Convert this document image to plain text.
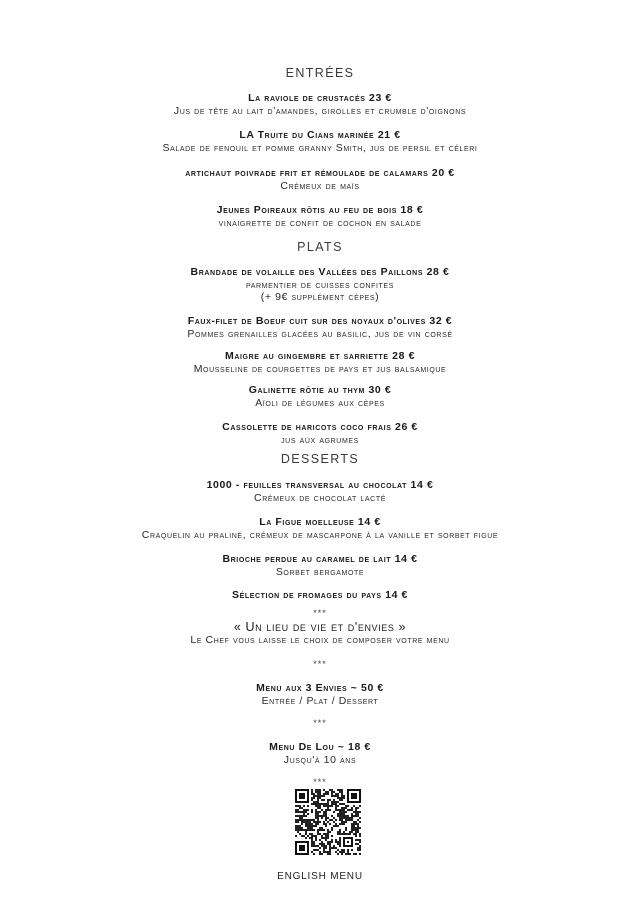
ENTRÉES
La raviole de crustacés 23 €
Jus de tête au lait d'amandes, girolles et crumble d'oignons
LA Truite du Cians marinée 21 €
Salade de fenouil et pomme granny Smith, jus de persil et céleri
artichaut poivrade frit et rémoulade de calamars 20 €
Crémeux de maïs
Jeunes Poireaux rôtis au feu de bois 18 €
vinaigrette de confit de cochon en salade
PLATS
Brandade de volaille des Vallées des Paillons 28 €
parmentier de cuisses confites
(+ 9€ supplément cèpes)
Faux-filet de Boeuf cuit sur des noyaux d'olives 32 €
Pommes grenailles glacées au basilic, jus de vin corsé
Maigre au gingembre et sarriette 28 €
Mousseline de courgettes de pays et jus balsamique
Galinette rôtie au thym 30 €
Aïoli de légumes aux cèpes
Cassolette de haricots coco frais 26 €
jus aux agrumes
DESSERTS
1000 - feuilles transversal au chocolat 14 €
Crémeux de chocolat lacté
La Figue moelleuse 14 €
Craquelin au praliné, crémeux de mascarpone à la vanille et sorbet figue
Brioche perdue au caramel de lait 14 €
Sorbet bergamote
Sélection de fromages du pays 14 €
***
« Un lieu de vie et d'envies »
Le Chef vous laisse le choix de composer votre menu
***
Menu aux 3 Envies ~ 50 €
Entrée / Plat / Dessert
***
Menu De Lou ~ 18 €
Jusqu'à 10 ans
***
ENGLISH MENU
